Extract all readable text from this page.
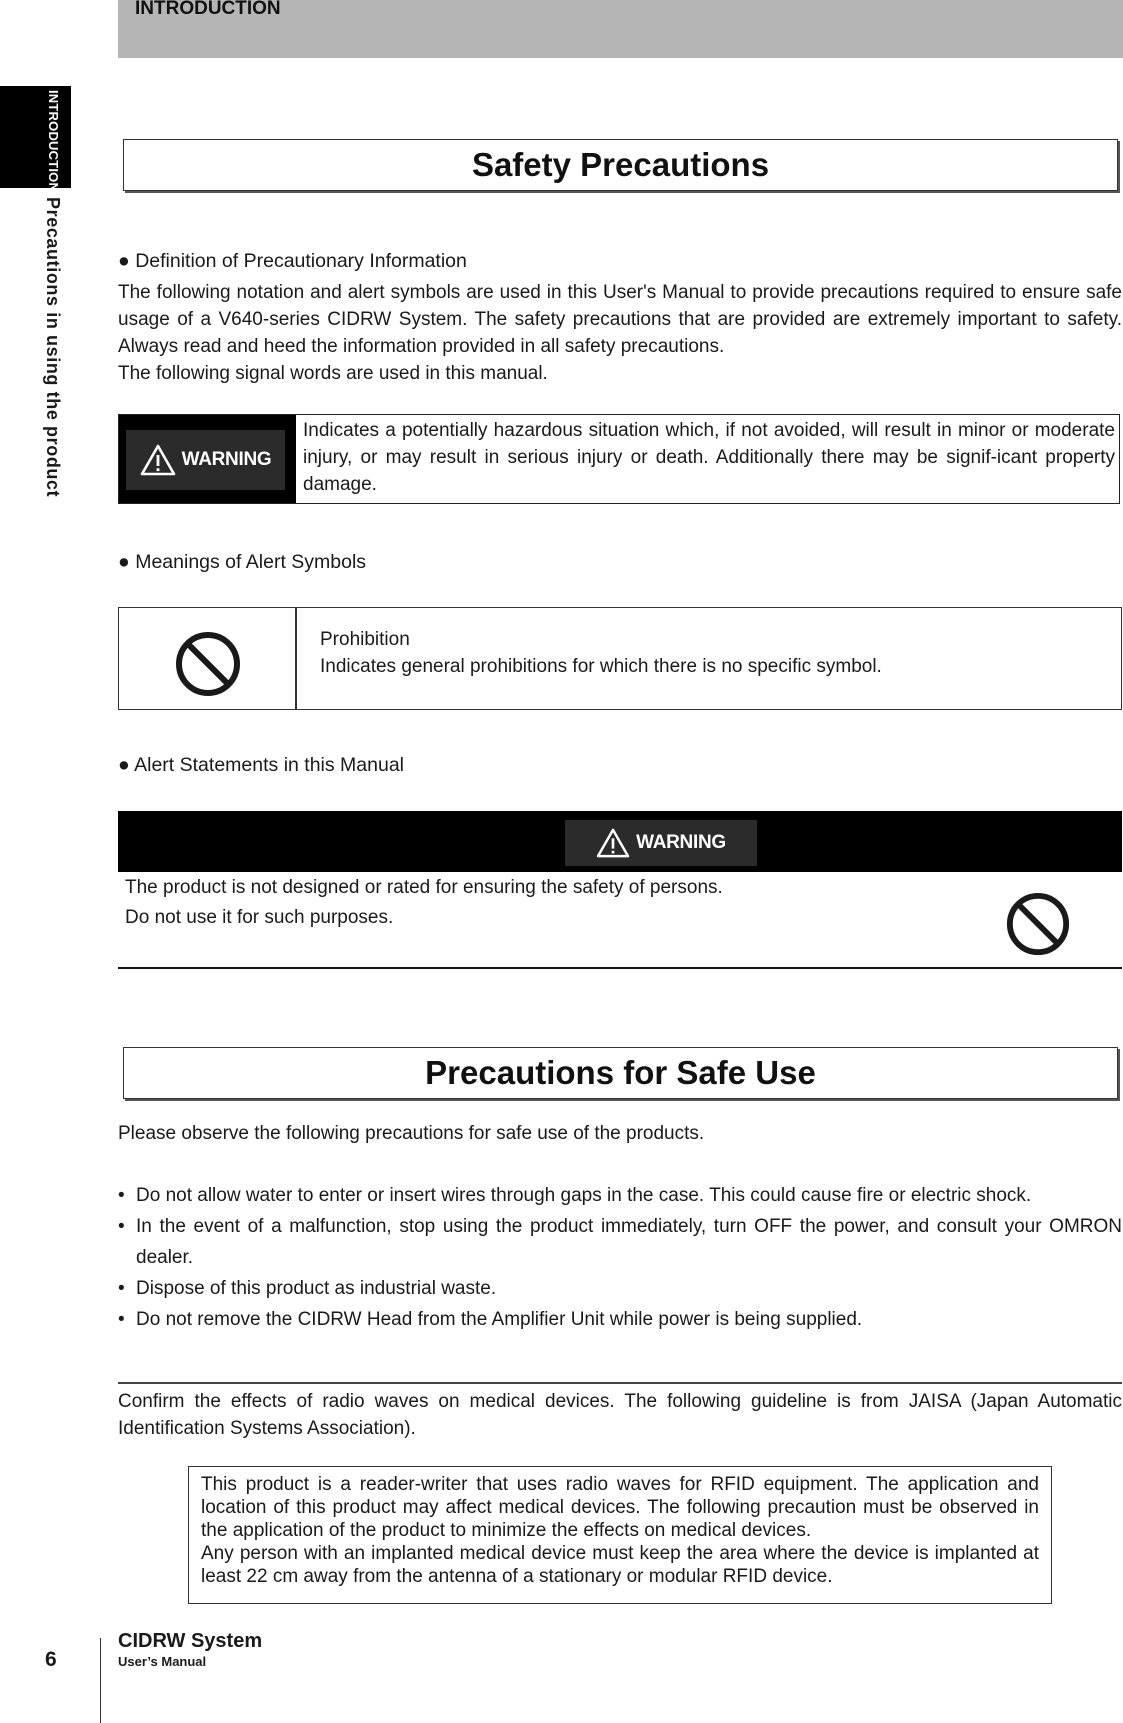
INTRODUCTION
INTRODUCTION
Precautions in using the product
Safety Precautions
● Definition of Precautionary Information
The following notation and alert symbols are used in this User's Manual to provide precautions required to ensure safe usage of a V640-series CIDRW System. The safety precautions that are provided are extremely important to safety. Always read and heed the information provided in all safety precautions.
The following signal words are used in this manual.
WARNING
Indicates a potentially hazardous situation which, if not avoided, will result in minor or moderate injury, or may result in serious injury or death. Additionally there may be signif-icant property damage.
● Meanings of Alert Symbols
Prohibition
Indicates general prohibitions for which there is no specific symbol.
● Alert Statements in this Manual
WARNING
The product is not designed or rated for ensuring the safety of persons.
Do not use it for such purposes.
Precautions for Safe Use
Please observe the following precautions for safe use of the products.
• Do not allow water to enter or insert wires through gaps in the case. This could cause fire or electric shock.
• In the event of a malfunction, stop using the product immediately, turn OFF the power, and consult your OMRON dealer.
• Dispose of this product as industrial waste.
• Do not remove the CIDRW Head from the Amplifier Unit while power is being supplied.
Confirm the effects of radio waves on medical devices. The following guideline is from JAISA (Japan Automatic Identification Systems Association).
This product is a reader-writer that uses radio waves for RFID equipment. The application and location of this product may affect medical devices. The following precaution must be observed in the application of the product to minimize the effects on medical devices.
Any person with an implanted medical device must keep the area where the device is implanted at least 22 cm away from the antenna of a stationary or modular RFID device.
6
CIDRW System
User’s Manual
